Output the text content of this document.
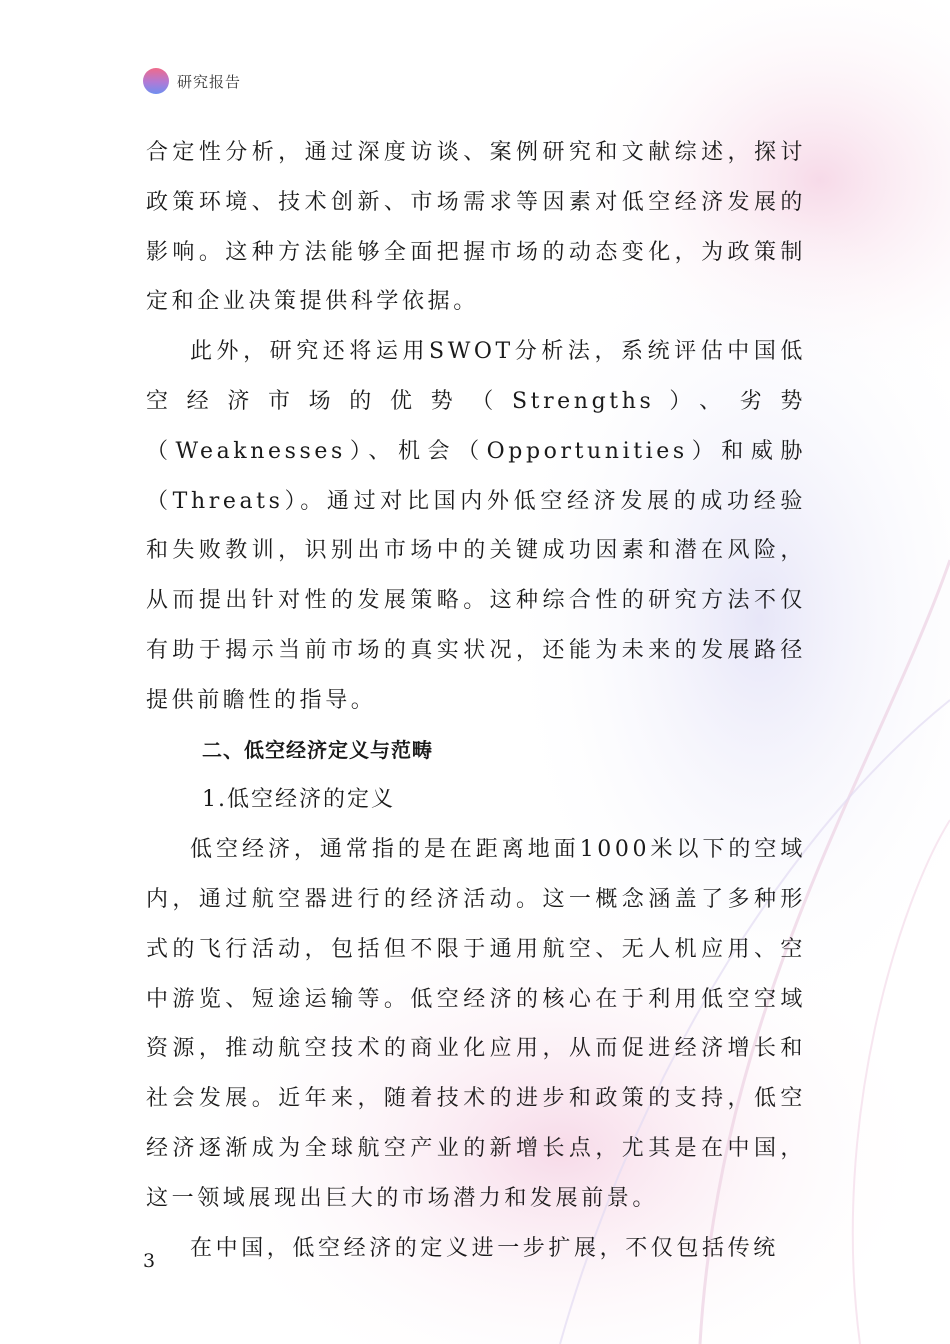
研究报告

合定性分析，通过深度访谈、案例研究和文献综述，探讨政策环境、技术创新、市场需求等因素对低空经济发展的影响。这种方法能够全面把握市场的动态变化，为政策制定和企业决策提供科学依据。

此外，研究还将运用SWOT分析法，系统评估中国低空经济市场的优势（Strengths）、劣势（Weaknesses）、机会（Opportunities）和威胁（Threats）。通过对比国内外低空经济发展的成功经验和失败教训，识别出市场中的关键成功因素和潜在风险，从而提出针对性的发展策略。这种综合性的研究方法不仅有助于揭示当前市场的真实状况，还能为未来的发展路径提供前瞻性的指导。

二、低空经济定义与范畴

1.低空经济的定义

低空经济，通常指的是在距离地面1000米以下的空域内，通过航空器进行的经济活动。这一概念涵盖了多种形式的飞行活动，包括但不限于通用航空、无人机应用、空中游览、短途运输等。低空经济的核心在于利用低空空域资源，推动航空技术的商业化应用，从而促进经济增长和社会发展。近年来，随着技术的进步和政策的支持，低空经济逐渐成为全球航空产业的新增长点，尤其是在中国，这一领域展现出巨大的市场潜力和发展前景。

在中国，低空经济的定义进一步扩展，不仅包括传统

3
